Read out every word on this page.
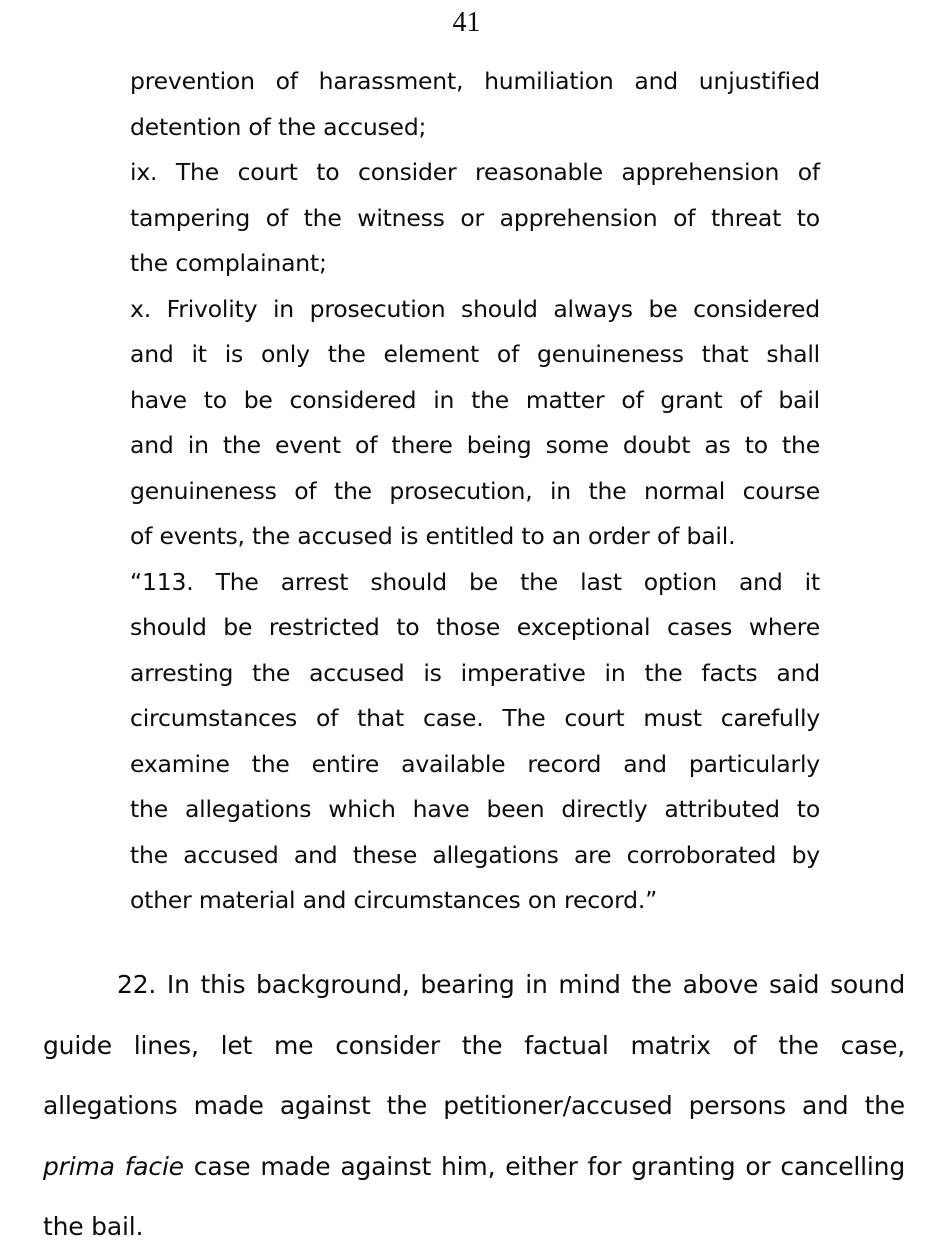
41
prevention of harassment, humiliation and unjustified
detention of the accused;
ix. The court to consider reasonable apprehension of
tampering of the witness or apprehension of threat to
the complainant;
x. Frivolity in prosecution should always be considered
and it is only the element of genuineness that shall
have to be considered in the matter of grant of bail
and in the event of there being some doubt as to the
genuineness of the prosecution, in the normal course
of events, the accused is entitled to an order of bail.
“113. The arrest should be the last option and it
should be restricted to those exceptional cases where
arresting the accused is imperative in the facts and
circumstances of that case. The court must carefully
examine the entire available record and particularly
the allegations which have been directly attributed to
the accused and these allegations are corroborated by
other material and circumstances on record.”
22. In this background, bearing in mind the above said sound
guide lines, let me consider the factual matrix of the case,
allegations made against the petitioner/accused persons and the
prima facie case made against him, either for granting or cancelling
the bail.
